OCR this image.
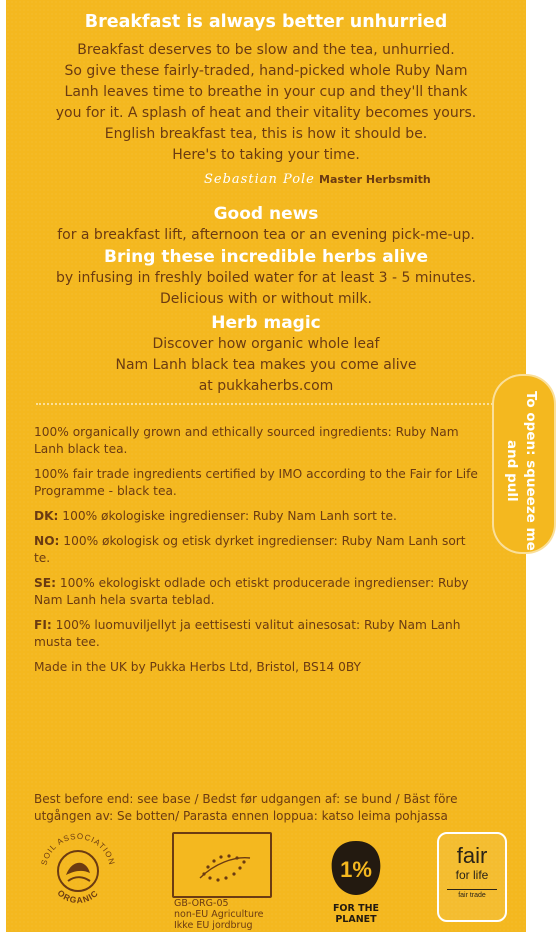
Breakfast is always better unhurried
Breakfast deserves to be slow and the tea, unhurried.
So give these fairly-traded, hand-picked whole Ruby Nam
Lanh leaves time to breathe in your cup and they'll thank
you for it. A splash of heat and their vitality becomes yours.
English breakfast tea, this is how it should be.
Here's to taking your time.
Sebastian Pole Master Herbsmith
Good news
for a breakfast lift, afternoon tea or an evening pick-me-up.
Bring these incredible herbs alive
by infusing in freshly boiled water for at least 3 - 5 minutes.
Delicious with or without milk.
Herb magic
Discover how organic whole leaf
Nam Lanh black tea makes you come alive
at pukkaherbs.com
To open: squeeze me
and pull

100% organically grown and ethically sourced ingredients: Ruby Nam Lanh black tea.

100% fair trade ingredients certified by IMO according to the Fair for Life Programme - black tea.

DK: 100% økologiske ingredienser: Ruby Nam Lanh sort te.

NO: 100% økologisk og etisk dyrket ingredienser: Ruby Nam Lanh sort te.

SE: 100% ekologiskt odlade och etiskt producerade ingredienser: Ruby Nam Lanh hela svarta teblad.

FI: 100% luomuviljellyt ja eettisesti valitut ainesosat: Ruby Nam Lanh musta tee.

Made in the UK by Pukka Herbs Ltd, Bristol, BS14 0BY

Best before end: see base / Bedst før udgangen af: se bund / Bäst före utgången av: Se botten/ Parasta ennen loppua: katso leima pohjassa
SOIL ASSOCIATION
ORGANIC
GB-ORG-05
non-EU Agriculture
Ikke EU jordbrug
1%
FOR THE
PLANET
fair
for life
fair trade
